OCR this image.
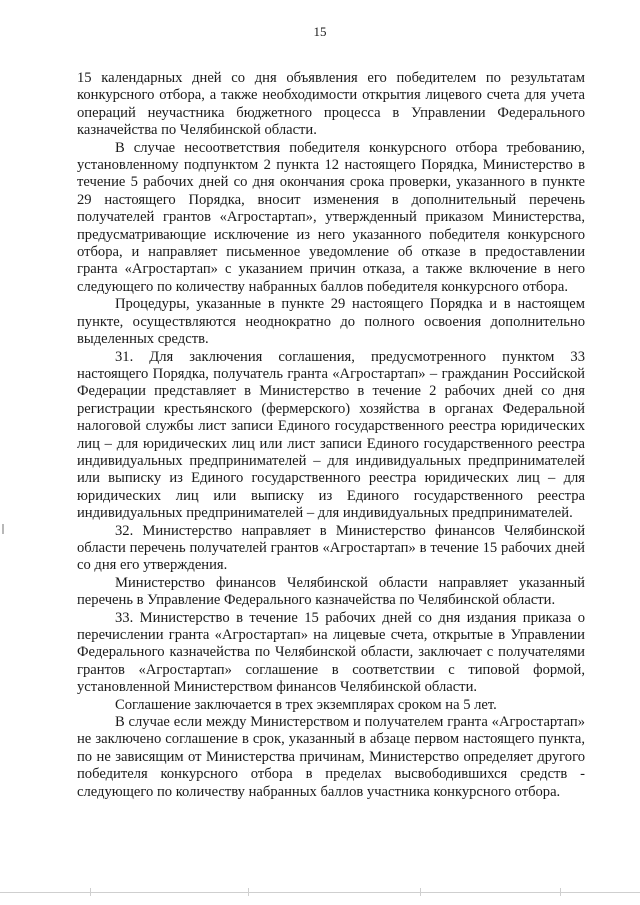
15

15 календарных дней со дня объявления его победителем по результатам конкурсного отбора, а также необходимости открытия лицевого счета для учета операций неучастника бюджетного процесса в Управлении Федерального казначейства по Челябинской области.

В случае несоответствия победителя конкурсного отбора требованию, установленному подпунктом 2 пункта 12 настоящего Порядка, Министерство в течение 5 рабочих дней со дня окончания срока проверки, указанного в пункте 29 настоящего Порядка, вносит изменения в дополнительный перечень получателей грантов «Агростартап», утвержденный приказом Министерства, предусматривающие исключение из него указанного победителя конкурсного отбора, и направляет письменное уведомление об отказе в предоставлении гранта «Агростартап» с указанием причин отказа, а также включение в него следующего по количеству набранных баллов победителя конкурсного отбора.

Процедуры, указанные в пункте 29 настоящего Порядка и в настоящем пункте, осуществляются неоднократно до полного освоения дополнительно выделенных средств.

31. Для заключения соглашения, предусмотренного пунктом 33 настоящего Порядка, получатель гранта «Агростартап» – гражданин Российской Федерации представляет в Министерство в течение 2 рабочих дней со дня регистрации крестьянского (фермерского) хозяйства в органах Федеральной налоговой службы лист записи Единого государственного реестра юридических лиц – для юридических лиц или лист записи Единого государственного реестра индивидуальных предпринимателей – для индивидуальных предпринимателей или выписку из Единого государственного реестра юридических лиц – для юридических лиц или выписку из Единого государственного реестра индивидуальных предпринимателей – для индивидуальных предпринимателей.

32. Министерство направляет в Министерство финансов Челябинской области перечень получателей грантов «Агростартап» в течение 15 рабочих дней со дня его утверждения.

Министерство финансов Челябинской области направляет указанный перечень в Управление Федерального казначейства по Челябинской области.

33. Министерство в течение 15 рабочих дней со дня издания приказа о перечислении гранта «Агростартап» на лицевые счета, открытые в Управлении Федерального казначейства по Челябинской области, заключает с получателями грантов «Агростартап» соглашение в соответствии с типовой формой, установленной Министерством финансов Челябинской области.

Соглашение заключается в трех экземплярах сроком на 5 лет.

В случае если между Министерством и получателем гранта «Агростартап» не заключено соглашение в срок, указанный в абзаце первом настоящего пункта, по не зависящим от Министерства причинам, Министерство определяет другого победителя конкурсного отбора в пределах высвободившихся средств - следующего по количеству набранных баллов участника конкурсного отбора.
